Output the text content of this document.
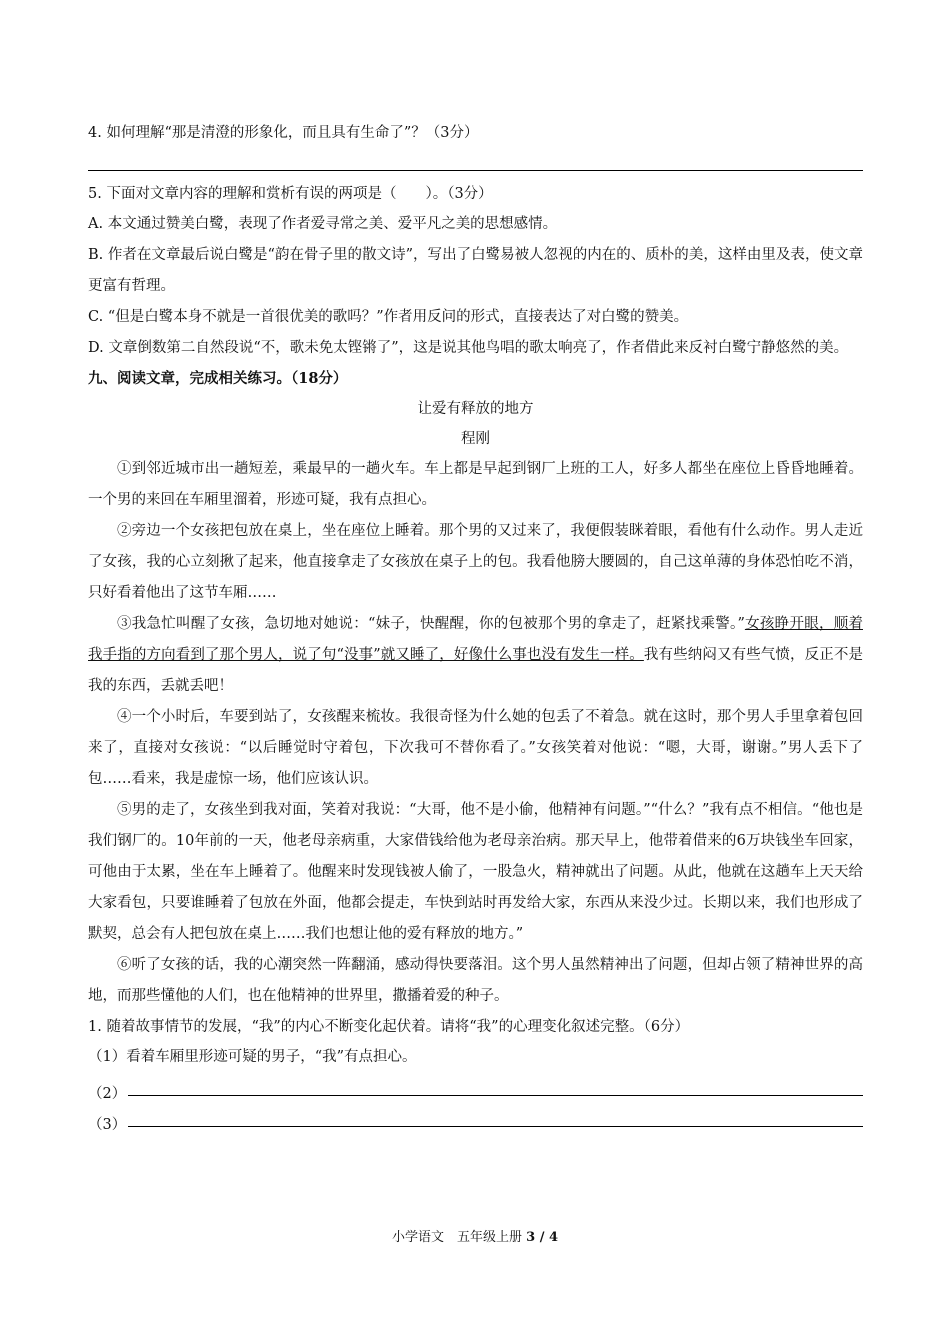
4. 如何理解“那是清澄的形象化，而且具有生命了”？（3分）
5. 下面对文章内容的理解和赏析有误的两项是（　　）。（3分）
A. 本文通过赞美白鹭，表现了作者爱寻常之美、爱平凡之美的思想感情。
B. 作者在文章最后说白鹭是“韵在骨子里的散文诗”，写出了白鹭易被人忽视的内在的、质朴的美，这样由里及表，使文章更富有哲理。
C. “但是白鹭本身不就是一首很优美的歌吗？”作者用反问的形式，直接表达了对白鹭的赞美。
D. 文章倒数第二自然段说“不，歌未免太铿锵了”，这是说其他鸟唱的歌太响亮了，作者借此来反衬白鹭宁静悠然的美。
九、阅读文章，完成相关练习。（18分）
让爱有释放的地方
程刚
①到邻近城市出一趟短差，乘最早的一趟火车。车上都是早起到钢厂上班的工人，好多人都坐在座位上昏昏地睡着。一个男的来回在车厢里溜着，形迹可疑，我有点担心。
②旁边一个女孩把包放在桌上，坐在座位上睡着。那个男的又过来了，我便假装眯着眼，看他有什么动作。男人走近了女孩，我的心立刻揪了起来，他直接拿走了女孩放在桌子上的包。我看他膀大腰圆的，自己这单薄的身体恐怕吃不消，只好看着他出了这节车厢……
③我急忙叫醒了女孩，急切地对她说：“妹子，快醒醒，你的包被那个男的拿走了，赶紧找乘警。”女孩睁开眼，顺着我手指的方向看到了那个男人，说了句“没事”就又睡了，好像什么事也没有发生一样。我有些纳闷又有些气愤，反正不是我的东西，丢就丢吧！
④一个小时后，车要到站了，女孩醒来梳妆。我很奇怪为什么她的包丢了不着急。就在这时，那个男人手里拿着包回来了，直接对女孩说：“以后睡觉时守着包，下次我可不替你看了。”女孩笑着对他说：“嗯，大哥，谢谢。”男人丢下了包……看来，我是虚惊一场，他们应该认识。
⑤男的走了，女孩坐到我对面，笑着对我说：“大哥，他不是小偷，他精神有问题。”“什么？”我有点不相信。“他也是我们钢厂的。10年前的一天，他老母亲病重，大家借钱给他为老母亲治病。那天早上，他带着借来的6万块钱坐车回家，可他由于太累，坐在车上睡着了。他醒来时发现钱被人偷了，一股急火，精神就出了问题。从此，他就在这趟车上天天给大家看包，只要谁睡着了包放在外面，他都会提走，车快到站时再发给大家，东西从来没少过。长期以来，我们也形成了默契，总会有人把包放在桌上……我们也想让他的爱有释放的地方。”
⑥听了女孩的话，我的心潮突然一阵翻涌，感动得快要落泪。这个男人虽然精神出了问题，但却占领了精神世界的高地，而那些懂他的人们，也在他精神的世界里，撒播着爱的种子。
1. 随着故事情节的发展，“我”的内心不断变化起伏着。请将“我”的心理变化叙述完整。（6分）
（1）看着车厢里形迹可疑的男子，“我”有点担心。
（2）
（3）
小学语文　五年级上册 3 / 4
